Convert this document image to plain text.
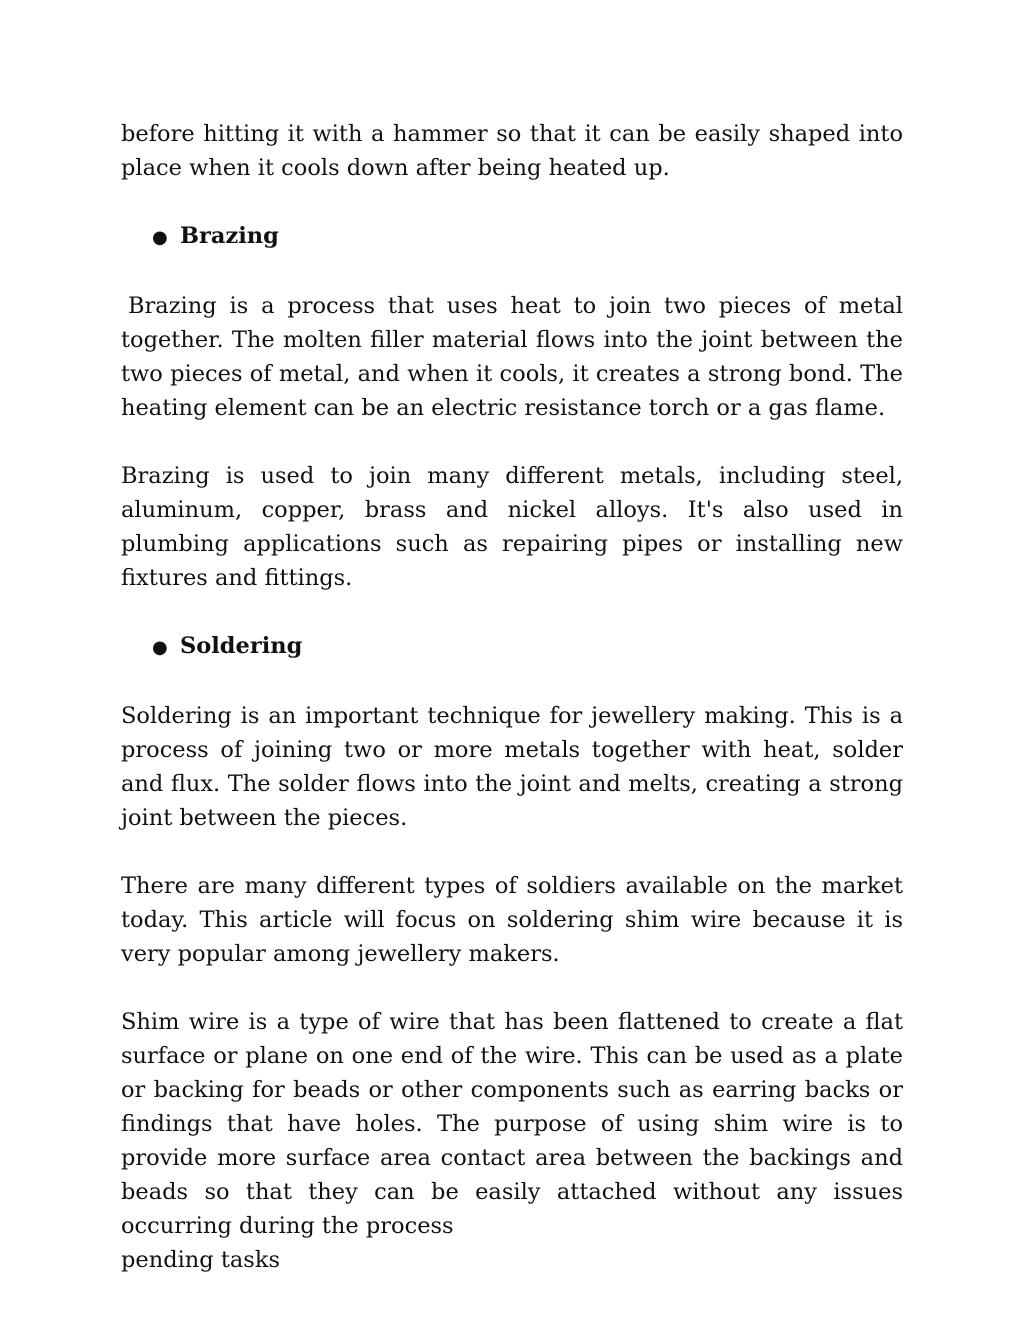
before hitting it with a hammer so that it can be easily shaped into place when it cools down after being heated up.

● Brazing

Brazing is a process that uses heat to join two pieces of metal together. The molten filler material flows into the joint between the two pieces of metal, and when it cools, it creates a strong bond. The heating element can be an electric resistance torch or a gas flame.

Brazing is used to join many different metals, including steel, aluminum, copper, brass and nickel alloys. It's also used in plumbing applications such as repairing pipes or installing new fixtures and fittings.

● Soldering

Soldering is an important technique for jewellery making. This is a process of joining two or more metals together with heat, solder and flux. The solder flows into the joint and melts, creating a strong joint between the pieces.

There are many different types of soldiers available on the market today. This article will focus on soldering shim wire because it is very popular among jewellery makers.

Shim wire is a type of wire that has been flattened to create a flat surface or plane on one end of the wire. This can be used as a plate or backing for beads or other components such as earring backs or findings that have holes. The purpose of using shim wire is to provide more surface area contact area between the backings and beads so that they can be easily attached without any issues occurring during the process

pending tasks
